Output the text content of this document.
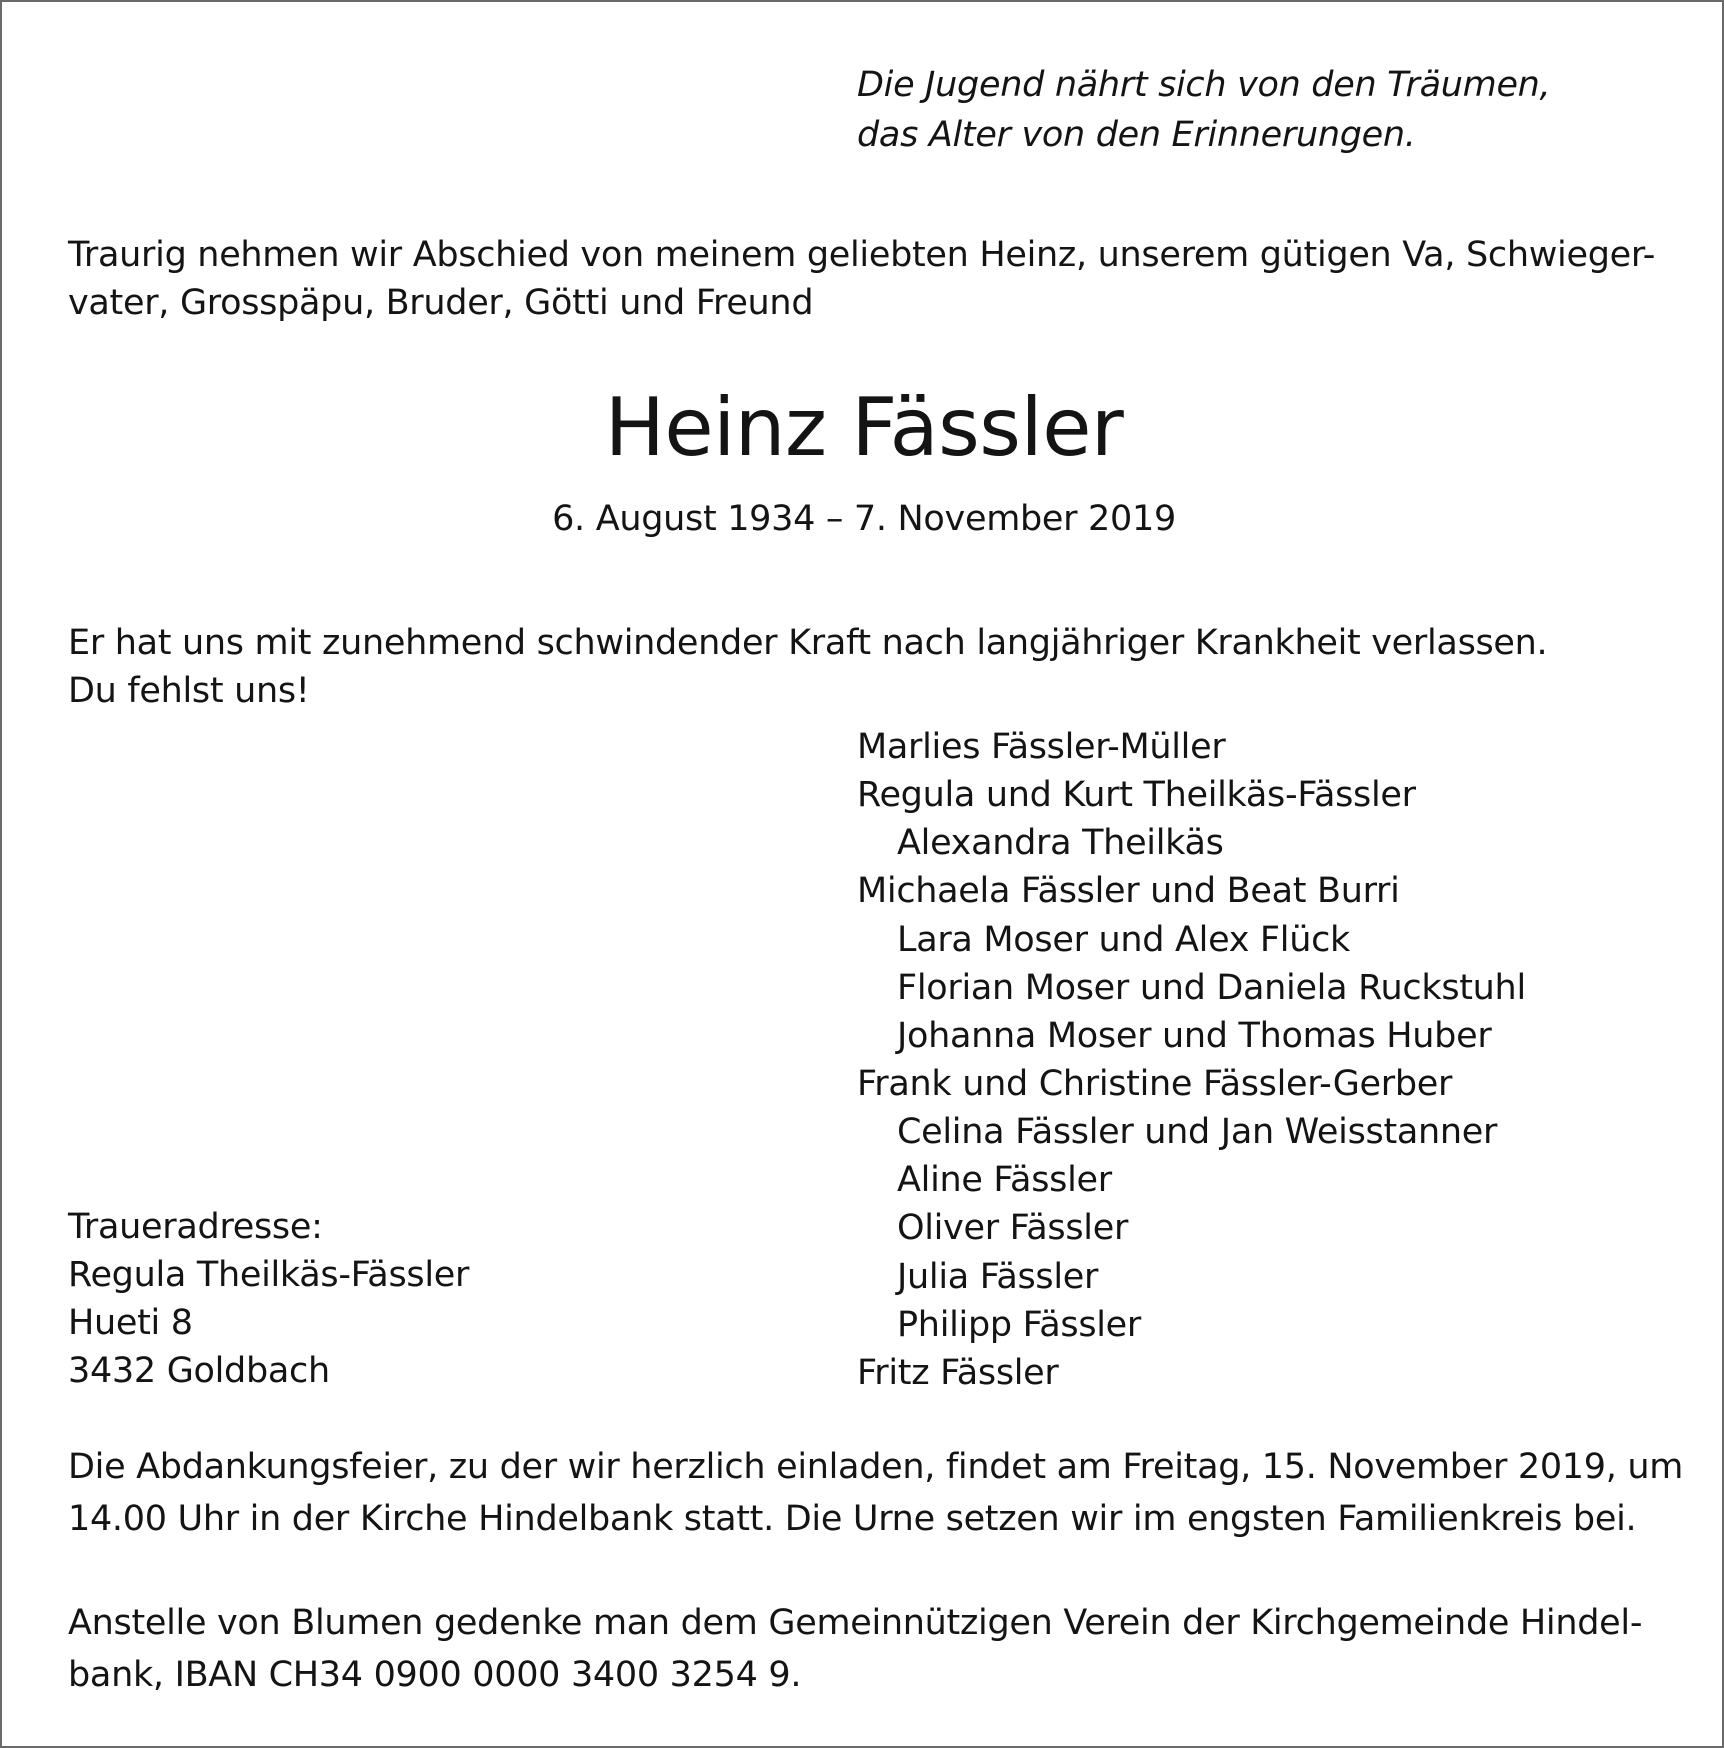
Die Jugend nährt sich von den Träumen,
das Alter von den Erinnerungen.
Traurig nehmen wir Abschied von meinem geliebten Heinz, unserem gütigen Va, Schwieger-
vater, Grosspäpu, Bruder, Götti und Freund
Heinz Fässler
6. August 1934 – 7. November 2019
Er hat uns mit zunehmend schwindender Kraft nach langjähriger Krankheit verlassen.
Du fehlst uns!
Marlies Fässler-Müller
Regula und Kurt Theilkäs-Fässler
Alexandra Theilkäs
Michaela Fässler und Beat Burri
Lara Moser und Alex Flück
Florian Moser und Daniela Ruckstuhl
Johanna Moser und Thomas Huber
Frank und Christine Fässler-Gerber
Celina Fässler und Jan Weisstanner
Aline Fässler
Oliver Fässler
Julia Fässler
Philipp Fässler
Fritz Fässler
Traueradresse:
Regula Theilkäs-Fässler
Hueti 8
3432 Goldbach
Die Abdankungsfeier, zu der wir herzlich einladen, findet am Freitag, 15. November 2019, um
14.00 Uhr in der Kirche Hindelbank statt. Die Urne setzen wir im engsten Familienkreis bei.
Anstelle von Blumen gedenke man dem Gemeinnützigen Verein der Kirchgemeinde Hindel-
bank, IBAN CH34 0900 0000 3400 3254 9.
